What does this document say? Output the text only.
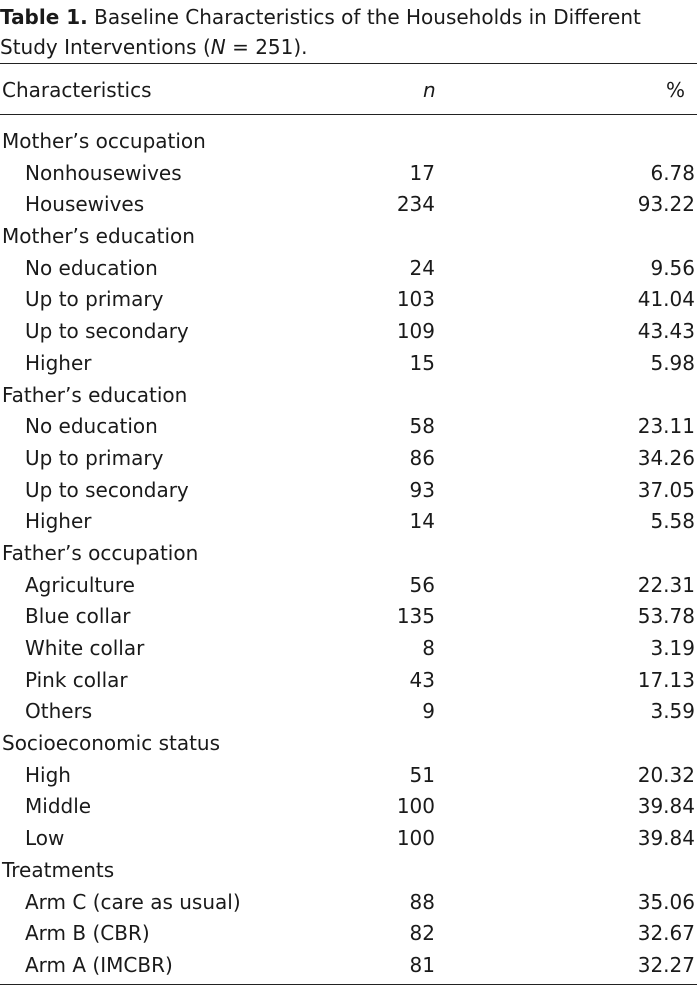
Table 1. Baseline Characteristics of the Households in Different Study Interventions (N = 251).
Characteristics	n	%
Mother’s occupation
Nonhousewives	17	6.78
Housewives	234	93.22
Mother’s education
No education	24	9.56
Up to primary	103	41.04
Up to secondary	109	43.43
Higher	15	5.98
Father’s education
No education	58	23.11
Up to primary	86	34.26
Up to secondary	93	37.05
Higher	14	5.58
Father’s occupation
Agriculture	56	22.31
Blue collar	135	53.78
White collar	8	3.19
Pink collar	43	17.13
Others	9	3.59
Socioeconomic status
High	51	20.32
Middle	100	39.84
Low	100	39.84
Treatments
Arm C (care as usual)	88	35.06
Arm B (CBR)	82	32.67
Arm A (IMCBR)	81	32.27
